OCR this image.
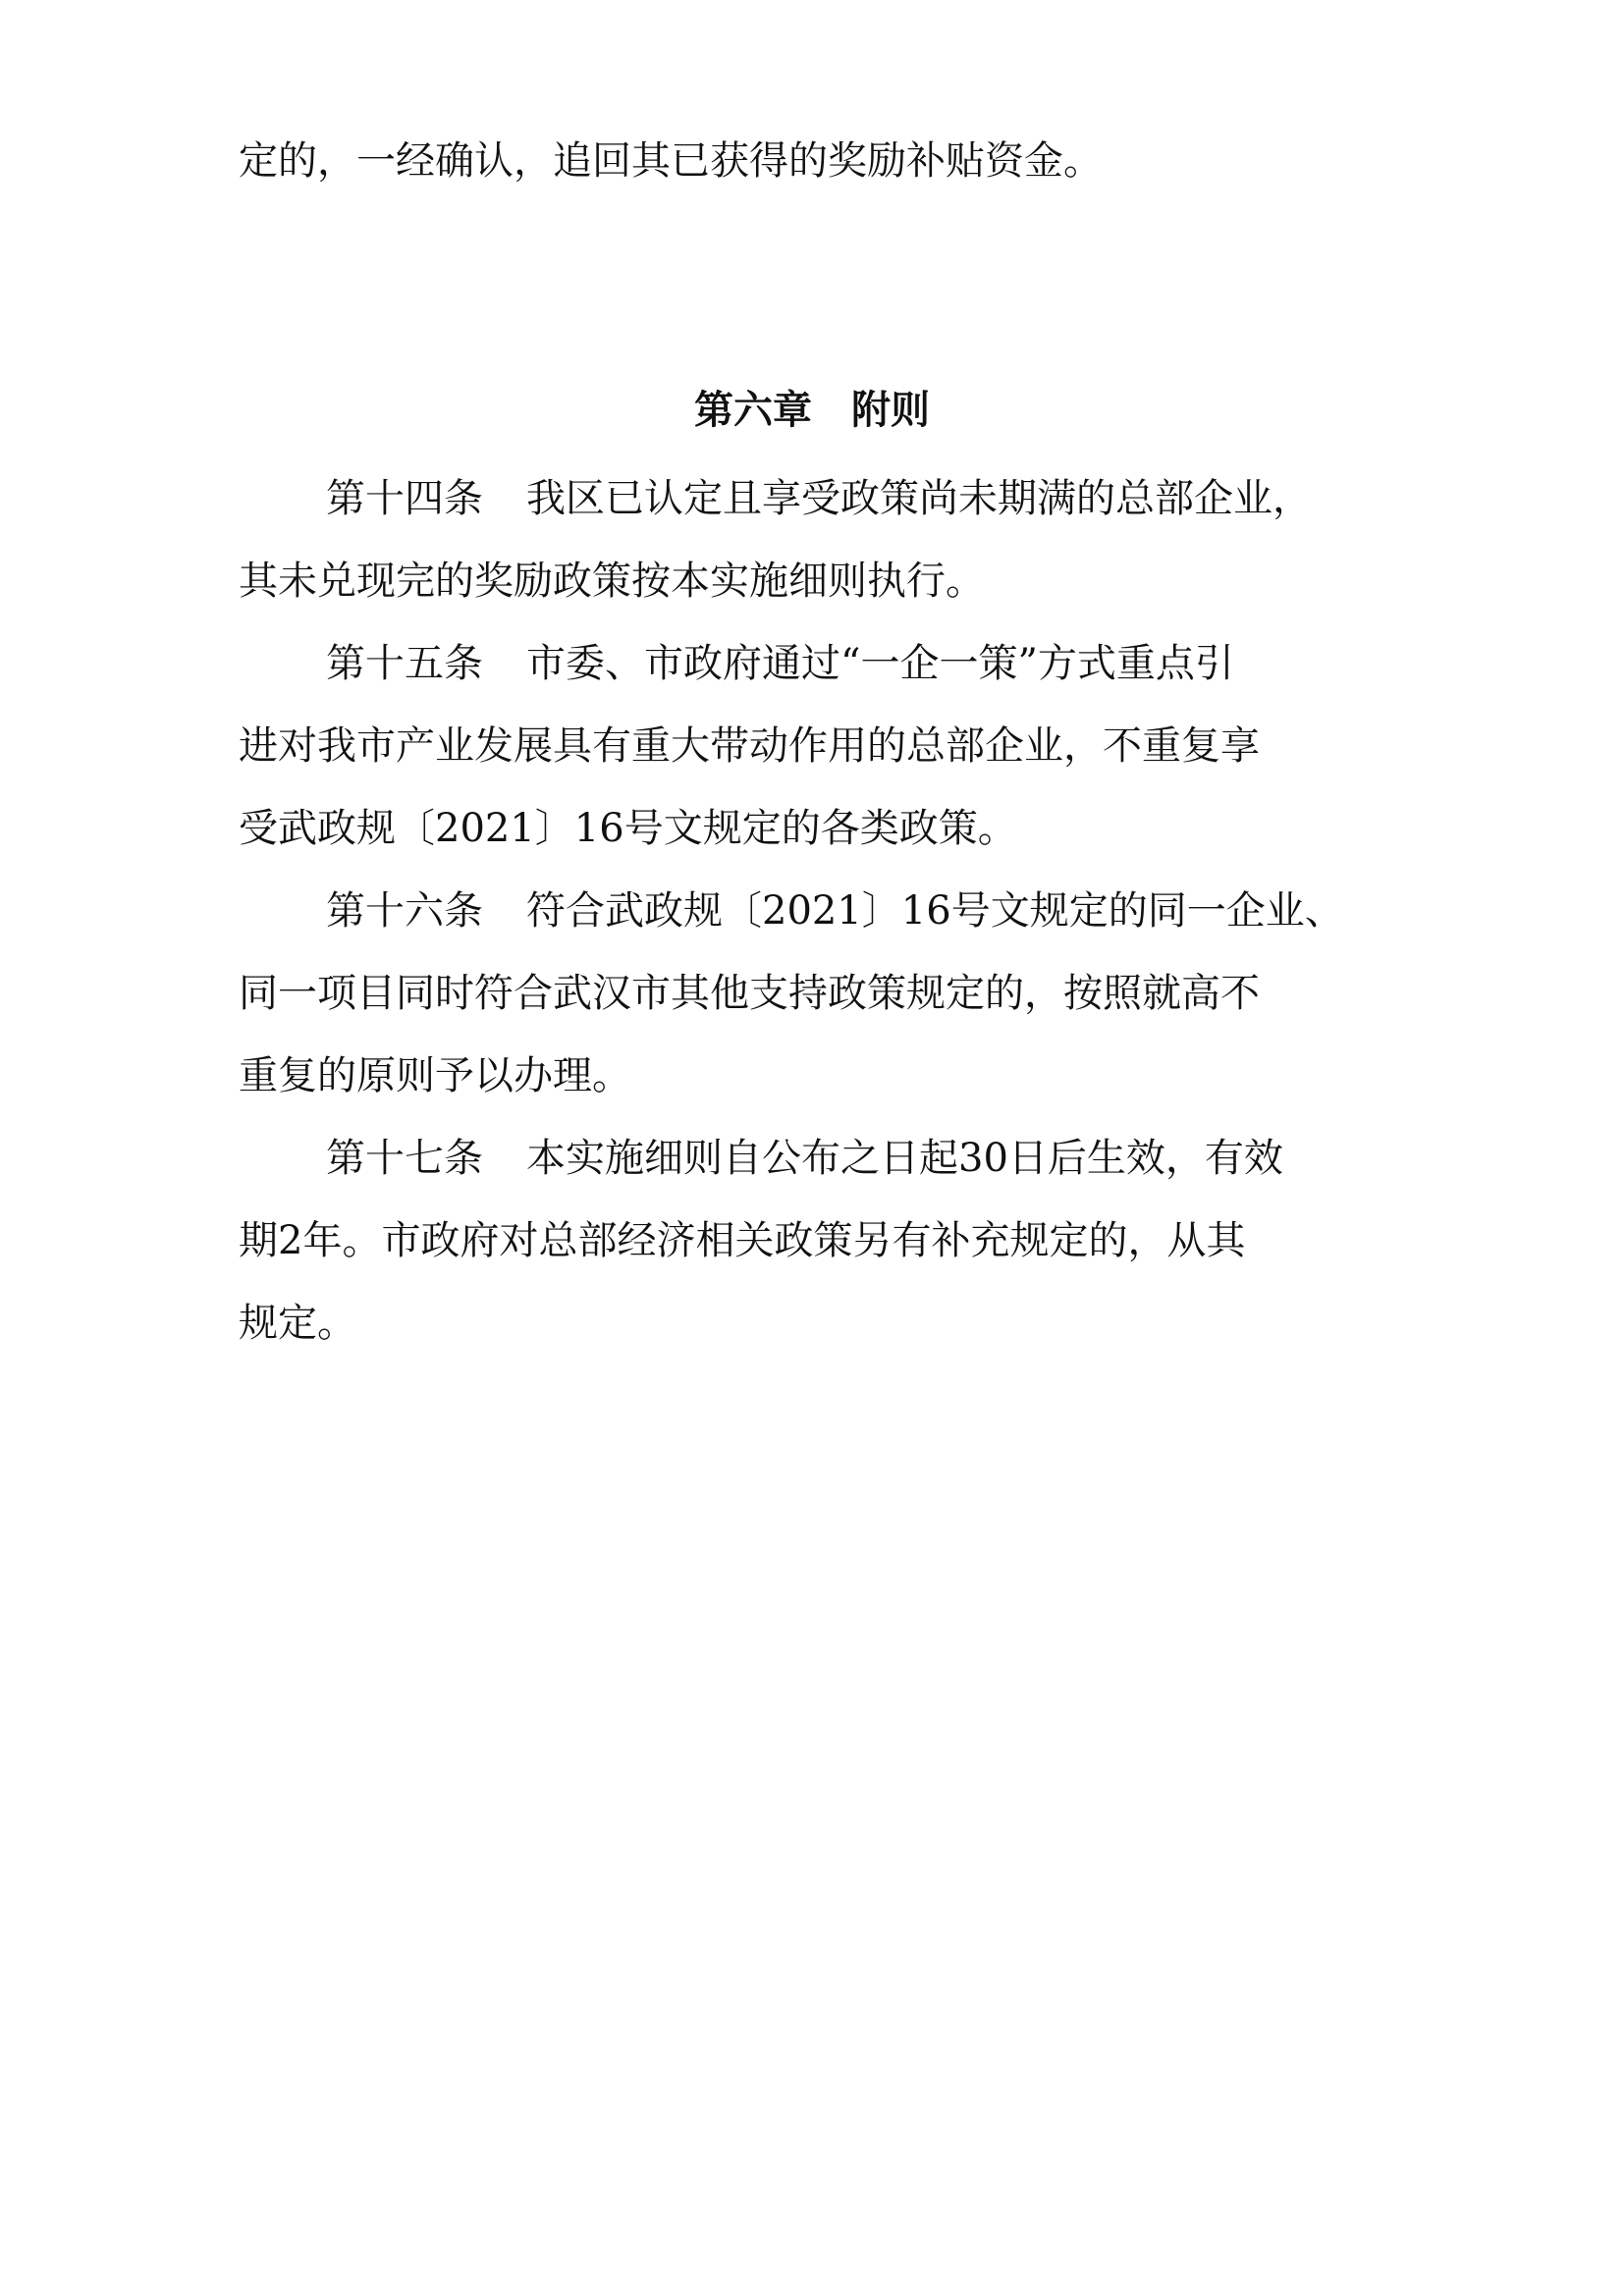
定的，一经确认，追回其已获得的奖励补贴资金。

第六章　附则

第十四条 我区已认定且享受政策尚未期满的总部企业，

其未兑现完的奖励政策按本实施细则执行。

第十五条 市委、市政府通过“一企一策”方式重点引

进对我市产业发展具有重大带动作用的总部企业，不重复享

受武政规〔2021〕16号文规定的各类政策。

第十六条 符合武政规〔2021〕16号文规定的同一企业、

同一项目同时符合武汉市其他支持政策规定的，按照就高不

重复的原则予以办理。

第十七条 本实施细则自公布之日起30日后生效，有效

期2年。市政府对总部经济相关政策另有补充规定的，从其

规定。
